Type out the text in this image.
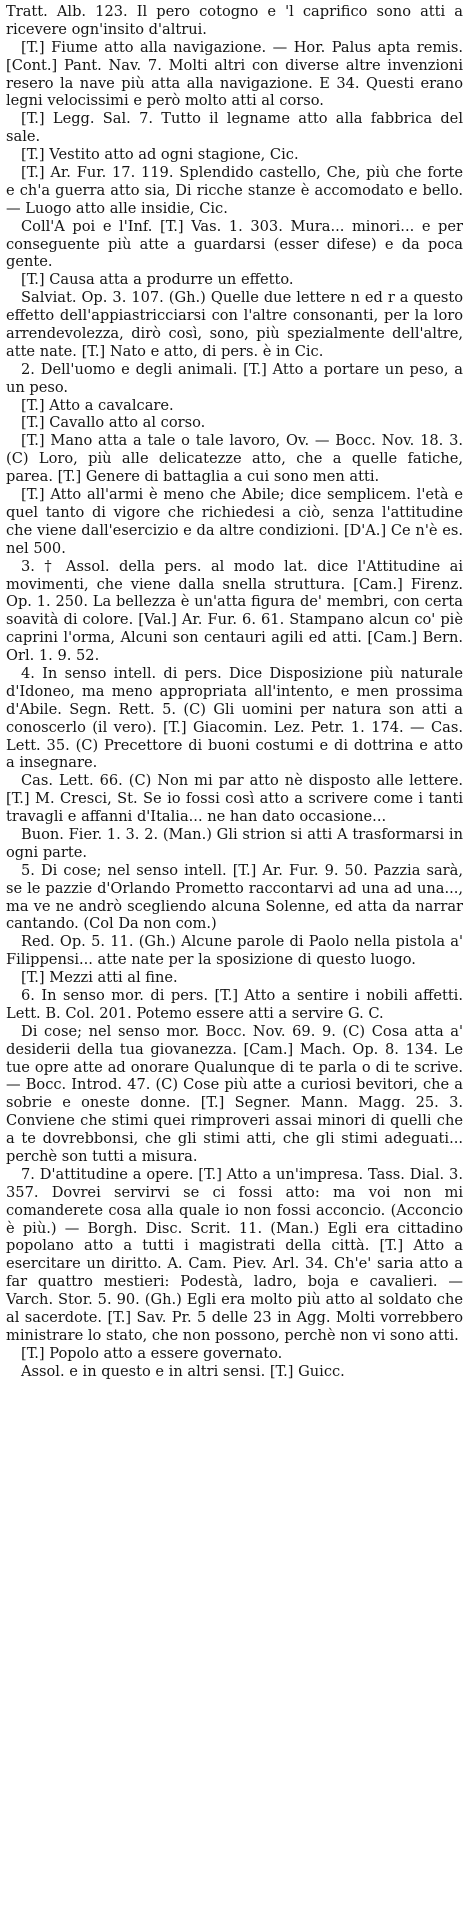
Tratt. Alb. 123. Il pero cotogno e 'l caprifico sono atti a ricevere ogn'insito d'altrui.

[T.] Fiume atto alla navigazione. — Hor. Palus apta remis. [Cont.] Pant. Nav. 7. Molti altri con diverse altre invenzioni resero la nave più atta alla navigazione. E 34. Questi erano legni velocissimi e però molto atti al corso.

[T.] Legg. Sal. 7. Tutto il legname atto alla fabbrica del sale.

[T.] Vestito atto ad ogni stagione, Cic.

[T.] Ar. Fur. 17. 119. Splendido castello, Che, più che forte e ch'a guerra atto sia, Di ricche stanze è accomodato e bello. — Luogo atto alle insidie, Cic.

Coll'A poi e l'Inf. [T.] Vas. 1. 303. Mura... minori... e per conseguente più atte a guardarsi (esser difese) e da poca gente.

[T.] Causa atta a produrre un effetto.

Salviat. Op. 3. 107. (Gh.) Quelle due lettere n ed r a questo effetto dell'appiastricciarsi con l'altre consonanti, per la loro arrendevolezza, dirò così, sono, più spezialmente dell'altre, atte nate. [T.] Nato e atto, di pers. è in Cic.

2. Dell'uomo e degli animali. [T.] Atto a portare un peso, a un peso.

[T.] Atto a cavalcare.

[T.] Cavallo atto al corso.

[T.] Mano atta a tale o tale lavoro, Ov. — Bocc. Nov. 18. 3. (C) Loro, più alle delicatezze atto, che a quelle fatiche, parea. [T.] Genere di battaglia a cui sono men atti.

[T.] Atto all'armi è meno che Abile; dice semplicem. l'età e quel tanto di vigore che richiedesi a ciò, senza l'attitudine che viene dall'esercizio e da altre condizioni. [D'A.] Ce n'è es. nel 500.

3. † Assol. della pers. al modo lat. dice l'Attitudine ai movimenti, che viene dalla snella struttura. [Cam.] Firenz. Op. 1. 250. La bellezza è un'atta figura de' membri, con certa soavità di colore. [Val.] Ar. Fur. 6. 61. Stampano alcun co' piè caprini l'orma, Alcuni son centauri agili ed atti. [Cam.] Bern. Orl. 1. 9. 52.

4. In senso intell. di pers. Dice Disposizione più naturale d'Idoneo, ma meno appropriata all'intento, e men prossima d'Abile. Segn. Rett. 5. (C) Gli uomini per natura son atti a conoscerlo (il vero). [T.] Giacomin. Lez. Petr. 1. 174. — Cas. Lett. 35. (C) Precettore di buoni costumi e di dottrina e atto a insegnare.

Cas. Lett. 66. (C) Non mi par atto nè disposto alle lettere. [T.] M. Cresci, St. Se io fossi così atto a scrivere come i tanti travagli e affanni d'Italia... ne han dato occasione...

Buon. Fier. 1. 3. 2. (Man.) Gli strion si atti A trasformarsi in ogni parte.

5. Di cose; nel senso intell. [T.] Ar. Fur. 9. 50. Pazzia sarà, se le pazzie d'Orlando Prometto raccontarvi ad una ad una..., ma ve ne andrò scegliendo alcuna Solenne, ed atta da narrar cantando. (Col Da non com.)

Red. Op. 5. 11. (Gh.) Alcune parole di Paolo nella pistola a' Filippensi... atte nate per la sposizione di questo luogo.

[T.] Mezzi atti al fine.

6. In senso mor. di pers. [T.] Atto a sentire i nobili affetti. Lett. B. Col. 201. Potemo essere atti a servire G. C.

Di cose; nel senso mor. Bocc. Nov. 69. 9. (C) Cosa atta a' desiderii della tua giovanezza. [Cam.] Mach. Op. 8. 134. Le tue opre atte ad onorare Qualunque di te parla o di te scrive. — Bocc. Introd. 47. (C) Cose più atte a curiosi bevitori, che a sobrie e oneste donne. [T.] Segner. Mann. Magg. 25. 3. Conviene che stimi quei rimproveri assai minori di quelli che a te dovrebbonsi, che gli stimi atti, che gli stimi adeguati... perchè son tutti a misura.

7. D'attitudine a opere. [T.] Atto a un'impresa. Tass. Dial. 3. 357. Dovrei servirvi se ci fossi atto: ma voi non mi comanderete cosa alla quale io non fossi acconcio. (Acconcio è più.) — Borgh. Disc. Scrit. 11. (Man.) Egli era cittadino popolano atto a tutti i magistrati della città. [T.] Atto a esercitare un diritto. A. Cam. Piev. Arl. 34. Ch'e' saria atto a far quattro mestieri: Podestà, ladro, boja e cavalieri. — Varch. Stor. 5. 90. (Gh.) Egli era molto più atto al soldato che al sacerdote. [T.] Sav. Pr. 5 delle 23 in Agg. Molti vorrebbero ministrare lo stato, che non possono, perchè non vi sono atti.

[T.] Popolo atto a essere governato.

Assol. e in questo e in altri sensi. [T.] Guicc.
